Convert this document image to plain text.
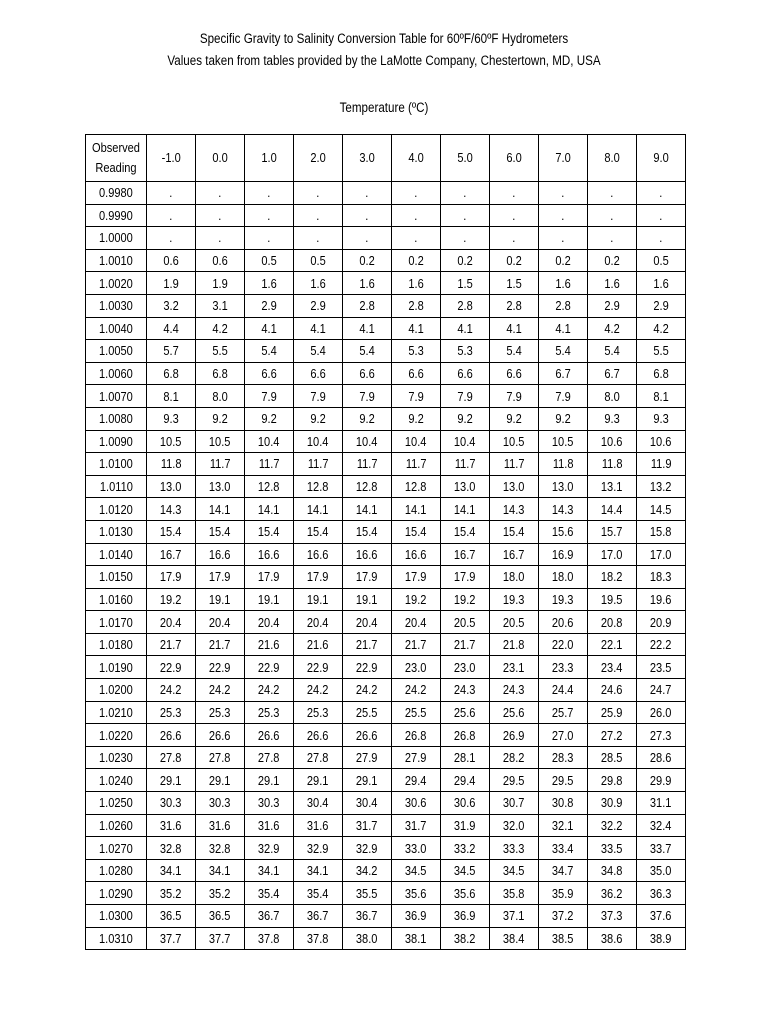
Specific Gravity to Salinity Conversion Table for 60ºF/60ºF Hydrometers
Values taken from tables provided by the LaMotte Company, Chestertown, MD, USA
Temperature (ºC)
Observed Reading	-1.0	0.0	1.0	2.0	3.0	4.0	5.0	6.0	7.0	8.0	9.0
0.9980	.	.	.	.	.	.	.	.	.	.	.
0.9990	.	.	.	.	.	.	.	.	.	.	.
1.0000	.	.	.	.	.	.	.	.	.	.	.
1.0010	0.6	0.6	0.5	0.5	0.2	0.2	0.2	0.2	0.2	0.2	0.5
1.0020	1.9	1.9	1.6	1.6	1.6	1.6	1.5	1.5	1.6	1.6	1.6
1.0030	3.2	3.1	2.9	2.9	2.8	2.8	2.8	2.8	2.8	2.9	2.9
1.0040	4.4	4.2	4.1	4.1	4.1	4.1	4.1	4.1	4.1	4.2	4.2
1.0050	5.7	5.5	5.4	5.4	5.4	5.3	5.3	5.4	5.4	5.4	5.5
1.0060	6.8	6.8	6.6	6.6	6.6	6.6	6.6	6.6	6.7	6.7	6.8
1.0070	8.1	8.0	7.9	7.9	7.9	7.9	7.9	7.9	7.9	8.0	8.1
1.0080	9.3	9.2	9.2	9.2	9.2	9.2	9.2	9.2	9.2	9.3	9.3
1.0090	10.5	10.5	10.4	10.4	10.4	10.4	10.4	10.5	10.5	10.6	10.6
1.0100	11.8	11.7	11.7	11.7	11.7	11.7	11.7	11.7	11.8	11.8	11.9
1.0110	13.0	13.0	12.8	12.8	12.8	12.8	13.0	13.0	13.0	13.1	13.2
1.0120	14.3	14.1	14.1	14.1	14.1	14.1	14.1	14.3	14.3	14.4	14.5
1.0130	15.4	15.4	15.4	15.4	15.4	15.4	15.4	15.4	15.6	15.7	15.8
1.0140	16.7	16.6	16.6	16.6	16.6	16.6	16.7	16.7	16.9	17.0	17.0
1.0150	17.9	17.9	17.9	17.9	17.9	17.9	17.9	18.0	18.0	18.2	18.3
1.0160	19.2	19.1	19.1	19.1	19.1	19.2	19.2	19.3	19.3	19.5	19.6
1.0170	20.4	20.4	20.4	20.4	20.4	20.4	20.5	20.5	20.6	20.8	20.9
1.0180	21.7	21.7	21.6	21.6	21.7	21.7	21.7	21.8	22.0	22.1	22.2
1.0190	22.9	22.9	22.9	22.9	22.9	23.0	23.0	23.1	23.3	23.4	23.5
1.0200	24.2	24.2	24.2	24.2	24.2	24.2	24.3	24.3	24.4	24.6	24.7
1.0210	25.3	25.3	25.3	25.3	25.5	25.5	25.6	25.6	25.7	25.9	26.0
1.0220	26.6	26.6	26.6	26.6	26.6	26.8	26.8	26.9	27.0	27.2	27.3
1.0230	27.8	27.8	27.8	27.8	27.9	27.9	28.1	28.2	28.3	28.5	28.6
1.0240	29.1	29.1	29.1	29.1	29.1	29.4	29.4	29.5	29.5	29.8	29.9
1.0250	30.3	30.3	30.3	30.4	30.4	30.6	30.6	30.7	30.8	30.9	31.1
1.0260	31.6	31.6	31.6	31.6	31.7	31.7	31.9	32.0	32.1	32.2	32.4
1.0270	32.8	32.8	32.9	32.9	32.9	33.0	33.2	33.3	33.4	33.5	33.7
1.0280	34.1	34.1	34.1	34.1	34.2	34.5	34.5	34.5	34.7	34.8	35.0
1.0290	35.2	35.2	35.4	35.4	35.5	35.6	35.6	35.8	35.9	36.2	36.3
1.0300	36.5	36.5	36.7	36.7	36.7	36.9	36.9	37.1	37.2	37.3	37.6
1.0310	37.7	37.7	37.8	37.8	38.0	38.1	38.2	38.4	38.5	38.6	38.9
